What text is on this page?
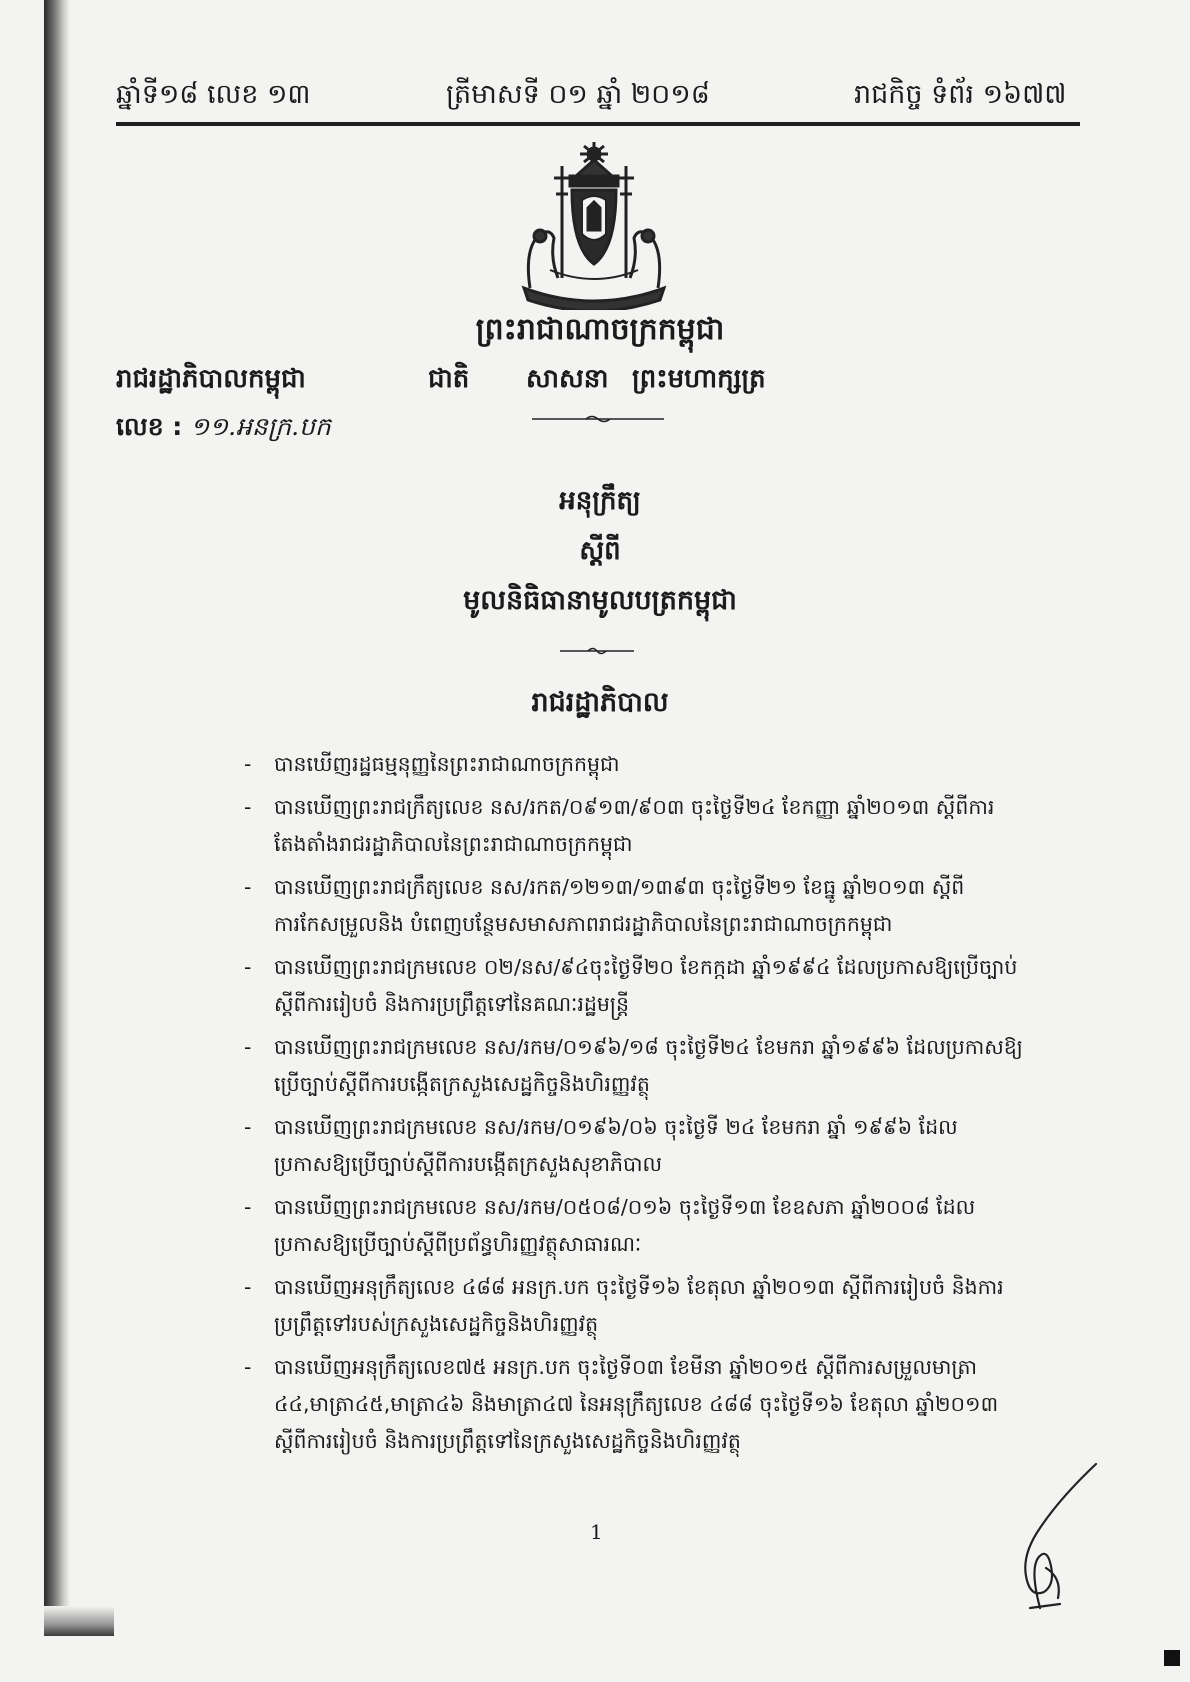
ឆ្នាំទី១៨ លេខ ១៣	ត្រីមាសទី ០១ ឆ្នាំ ២០១៨	រាជកិច្ច ទំព័រ ១៦៧៧
ព្រះរាជាណាចក្រកម្ពុជា
ជាតិ សាសនា ព្រះមហាក្សត្រ
រាជរដ្ឋាភិបាលកម្ពុជា
លេខ : ១១.អនក្រ.បក
អនុក្រឹត្យ
ស្តីពី
មូលនិធិធានាមូលបត្រកម្ពុជា
រាជរដ្ឋាភិបាល
- បានឃើញរដ្ឋធម្មនុញ្ញនៃព្រះរាជាណាចក្រកម្ពុជា
- បានឃើញព្រះរាជក្រឹត្យលេខ នស/រកត/០៩១៣/៩០៣ ចុះថ្ងៃទី២៤ ខែកញ្ញា ឆ្នាំ២០១៣ ស្តីពីការតែងតាំងរាជរដ្ឋាភិបាលនៃព្រះរាជាណាចក្រកម្ពុជា
- បានឃើញព្រះរាជក្រឹត្យលេខ នស/រកត/១២១៣/១៣៩៣ ចុះថ្ងៃទី២១ ខែធ្នូ ឆ្នាំ២០១៣ ស្តីពីការកែសម្រួលនិង បំពេញបន្ថែមសមាសភាពរាជរដ្ឋាភិបាលនៃព្រះរាជាណាចក្រកម្ពុជា
- បានឃើញព្រះរាជក្រមលេខ ០២/នស/៩៤ចុះថ្ងៃទី២០ ខែកក្កដា ឆ្នាំ១៩៩៤ ដែលប្រកាសឱ្យប្រើច្បាប់ស្តីពីការរៀបចំ និងការប្រព្រឹត្តទៅនៃគណៈរដ្ឋមន្ត្រី
- បានឃើញព្រះរាជក្រមលេខ នស/រកម/០១៩៦/១៨ ចុះថ្ងៃទី២៤ ខែមករា ឆ្នាំ១៩៩៦ ដែលប្រកាសឱ្យប្រើច្បាប់ស្តីពីការបង្កើតក្រសួងសេដ្ឋកិច្ចនិងហិរញ្ញវត្ថុ
- បានឃើញព្រះរាជក្រមលេខ នស/រកម/០១៩៦/០៦ ចុះថ្ងៃទី ២៤ ខែមករា ឆ្នាំ ១៩៩៦ ដែលប្រកាសឱ្យប្រើច្បាប់ស្តីពីការបង្កើតក្រសួងសុខាភិបាល
- បានឃើញព្រះរាជក្រមលេខ នស/រកម/០៥០៨/០១៦ ចុះថ្ងៃទី១៣ ខែឧសភា ឆ្នាំ២០០៨ ដែលប្រកាសឱ្យប្រើច្បាប់ស្តីពីប្រព័ន្ធហិរញ្ញវត្ថុសាធារណៈ
- បានឃើញអនុក្រឹត្យលេខ ៤៨៨ អនក្រ.បក ចុះថ្ងៃទី១៦ ខែតុលា ឆ្នាំ២០១៣ ស្តីពីការរៀបចំ និងការប្រព្រឹត្តទៅរបស់ក្រសួងសេដ្ឋកិច្ចនិងហិរញ្ញវត្ថុ
- បានឃើញអនុក្រឹត្យលេខ៧៥ អនក្រ.បក ចុះថ្ងៃទី០៣ ខែមីនា ឆ្នាំ២០១៥ ស្តីពីការសម្រួលមាត្រា ៤៤,មាត្រា៤៥,មាត្រា៤៦ និងមាត្រា៤៧ នៃអនុក្រឹត្យលេខ ៤៨៨ ចុះថ្ងៃទី១៦ ខែតុលា ឆ្នាំ២០១៣ ស្តីពីការរៀបចំ និងការប្រព្រឹត្តទៅនៃក្រសួងសេដ្ឋកិច្ចនិងហិរញ្ញវត្ថុ
1
